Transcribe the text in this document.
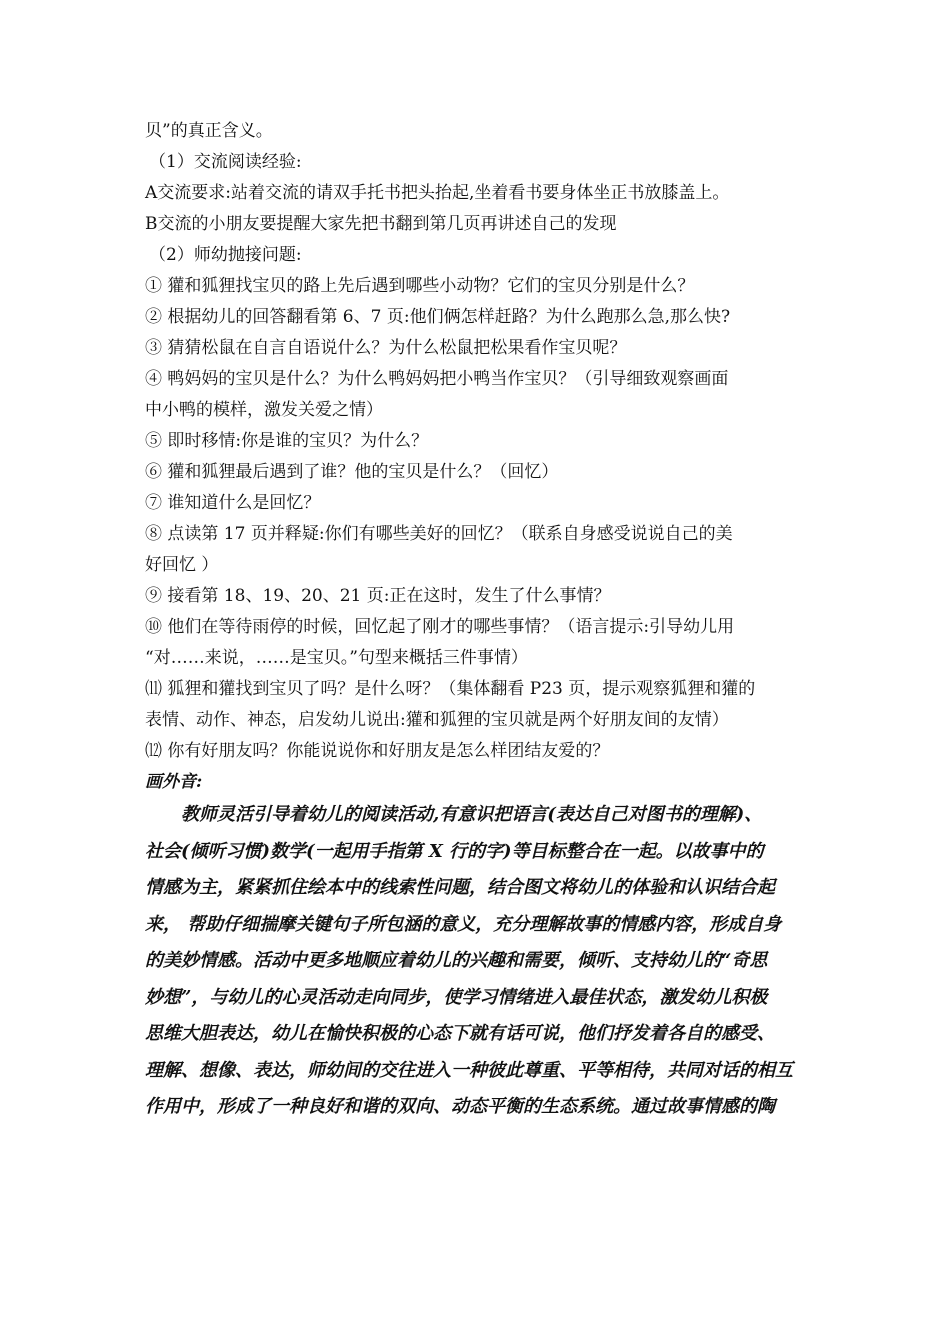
贝”的真正含义。

（1）交流阅读经验:

A交流要求:站着交流的请双手托书把头抬起,坐着看书要身体坐正书放膝盖上。

B交流的小朋友要提醒大家先把书翻到第几页再讲述自己的发现

（2）师幼抛接问题:

① 獾和狐狸找宝贝的路上先后遇到哪些小动物？它们的宝贝分别是什么？

② 根据幼儿的回答翻看第 6、7 页:他们俩怎样赶路？为什么跑那么急,那么快?

③ 猜猜松鼠在自言自语说什么？为什么松鼠把松果看作宝贝呢？

④ 鸭妈妈的宝贝是什么？为什么鸭妈妈把小鸭当作宝贝？（引导细致观察画面

中小鸭的模样，激发关爱之情）

⑤ 即时移情:你是谁的宝贝？为什么？

⑥ 獾和狐狸最后遇到了谁？他的宝贝是什么？（回忆）

⑦ 谁知道什么是回忆？

⑧ 点读第 17 页并释疑:你们有哪些美好的回忆？（联系自身感受说说自己的美

好回忆 ）

⑨ 接看第 18、19、20、21 页:正在这时，发生了什么事情？

⑩ 他们在等待雨停的时候，回忆起了刚才的哪些事情？（语言提示:引导幼儿用

“对……来说，……是宝贝。”句型来概括三件事情）

⑾ 狐狸和獾找到宝贝了吗？是什么呀？（集体翻看 P23 页，提示观察狐狸和獾的

表情、动作、神态，启发幼儿说出:獾和狐狸的宝贝就是两个好朋友间的友情）

⑿ 你有好朋友吗？你能说说你和好朋友是怎么样团结友爱的？

画外音:

教师灵活引导着幼儿的阅读活动,有意识把语言(表达自己对图书的理解)、

社会(倾听习惯)数学(一起用手指第 X 行的字)等目标整合在一起。以故事中的

情感为主，紧紧抓住绘本中的线索性问题，结合图文将幼儿的体验和认识结合起

来， 帮助仔细揣摩关键句子所包涵的意义，充分理解故事的情感内容，形成自身

的美妙情感。活动中更多地顺应着幼儿的兴趣和需要，倾听、支持幼儿的“奇思

妙想”，与幼儿的心灵活动走向同步，使学习情绪进入最佳状态，激发幼儿积极

思维大胆表达，幼儿在愉快积极的心态下就有话可说，他们抒发着各自的感受、

理解、想像、表达，师幼间的交往进入一种彼此尊重、平等相待，共同对话的相互

作用中，形成了一种良好和谐的双向、动态平衡的生态系统。通过故事情感的陶
